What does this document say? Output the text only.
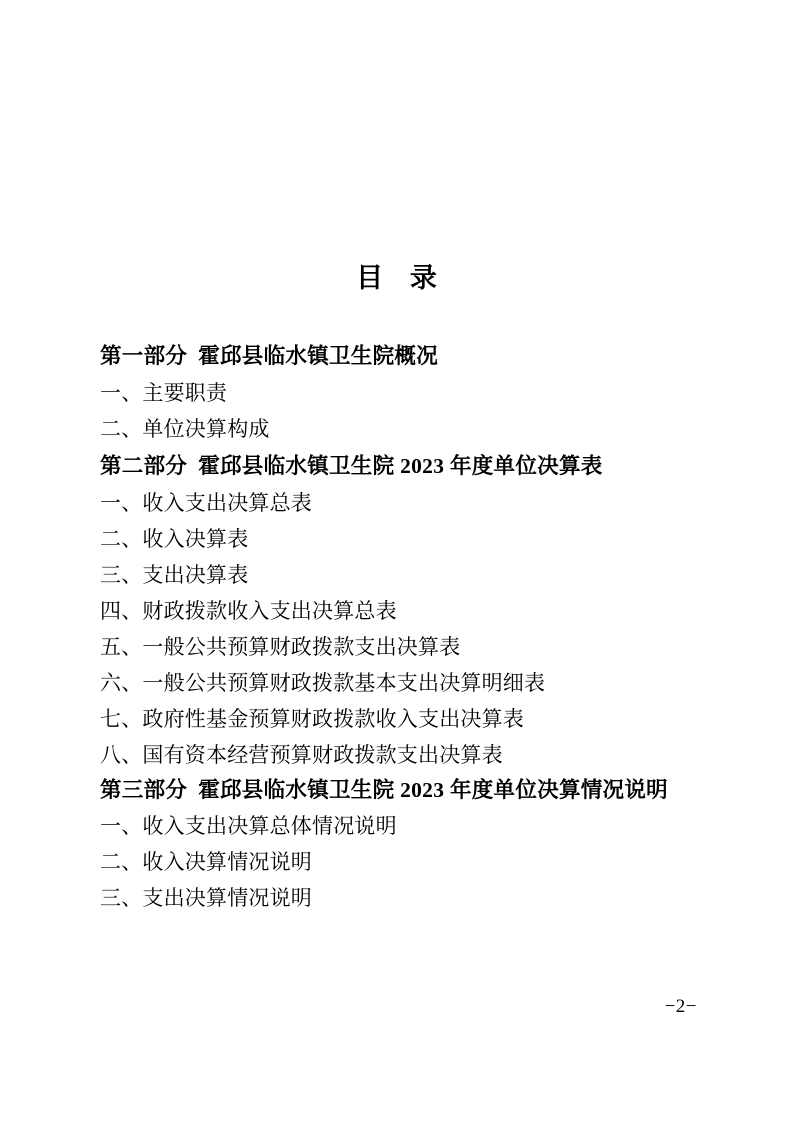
目 录
第一部分 霍邱县临水镇卫生院概况
一、主要职责
二、单位决算构成
第二部分 霍邱县临水镇卫生院 2023 年度单位决算表
一、收入支出决算总表
二、收入决算表
三、支出决算表
四、财政拨款收入支出决算总表
五、一般公共预算财政拨款支出决算表
六、一般公共预算财政拨款基本支出决算明细表
七、政府性基金预算财政拨款收入支出决算表
八、国有资本经营预算财政拨款支出决算表
第三部分 霍邱县临水镇卫生院 2023 年度单位决算情况说明
一、收入支出决算总体情况说明
二、收入决算情况说明
三、支出决算情况说明
−2−
